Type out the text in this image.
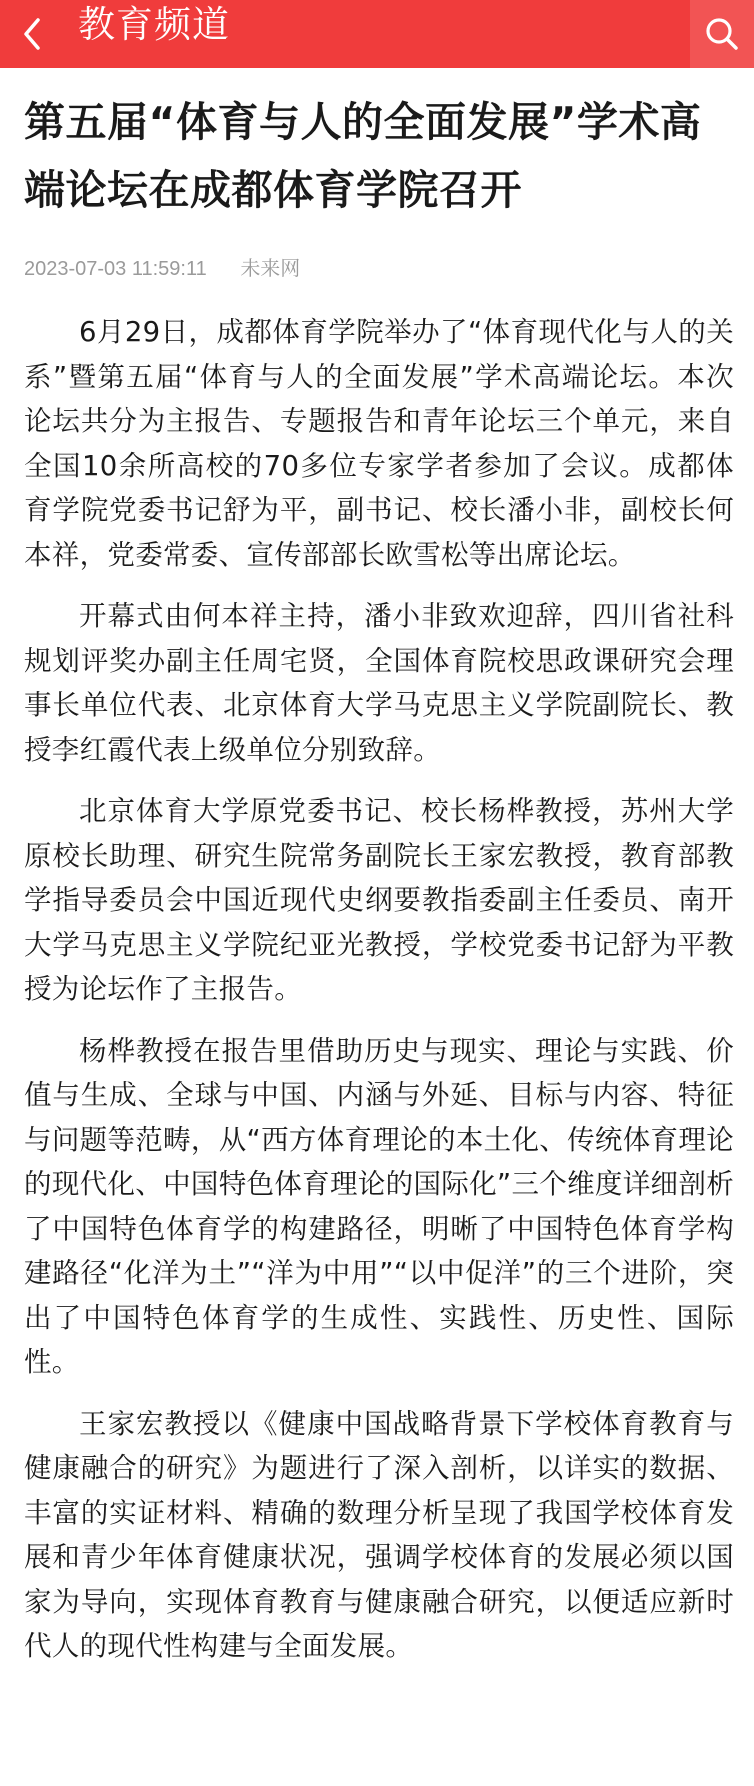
教育频道
第五届“体育与人的全面发展”学术高端论坛在成都体育学院召开
2023-07-03 11:59:11 未来网

6月29日，成都体育学院举办了“体育现代化与人的关系”暨第五届“体育与人的全面发展”学术高端论坛。本次论坛共分为主报告、专题报告和青年论坛三个单元，来自全国10余所高校的70多位专家学者参加了会议。成都体育学院党委书记舒为平，副书记、校长潘小非，副校长何本祥，党委常委、宣传部部长欧雪松等出席论坛。

开幕式由何本祥主持，潘小非致欢迎辞，四川省社科规划评奖办副主任周宅贤，全国体育院校思政课研究会理事长单位代表、北京体育大学马克思主义学院副院长、教授李红霞代表上级单位分别致辞。

北京体育大学原党委书记、校长杨桦教授，苏州大学原校长助理、研究生院常务副院长王家宏教授，教育部教学指导委员会中国近现代史纲要教指委副主任委员、南开大学马克思主义学院纪亚光教授，学校党委书记舒为平教授为论坛作了主报告。

杨桦教授在报告里借助历史与现实、理论与实践、价值与生成、全球与中国、内涵与外延、目标与内容、特征与问题等范畴，从“西方体育理论的本土化、传统体育理论的现代化、中国特色体育理论的国际化”三个维度详细剖析了中国特色体育学的构建路径，明晰了中国特色体育学构建路径“化洋为土”“洋为中用”“以中促洋”的三个进阶，突出了中国特色体育学的生成性、实践性、历史性、国际性。

王家宏教授以《健康中国战略背景下学校体育教育与健康融合的研究》为题进行了深入剖析，以详实的数据、丰富的实证材料、精确的数理分析呈现了我国学校体育发展和青少年体育健康状况，强调学校体育的发展必须以国家为导向，实现体育教育与健康融合研究，以便适应新时代人的现代性构建与全面发展。
